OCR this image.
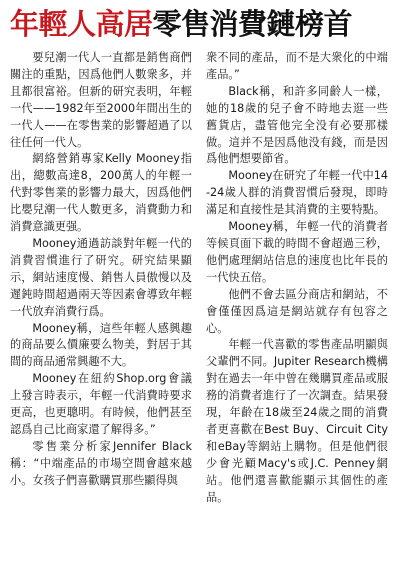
年輕人高居零售消費鏈榜首

要兒潮一代人一直都是銷售商們關注的重點，因爲他們人數衆多，并且都很富裕。但新的研究表明，年輕一代——1982年至2000年間出生的一代人——在零售業的影響超過了以往任何一代人。

網絡營銷專家Kelly Mooney指出，總數高達8，200萬人的年輕一代對零售業的影響力最大，因爲他們比嬰兒潮一代人數更多，消費動力和消費意識更强。

Mooney通過訪談對年輕一代的消費習慣進行了研究。研究結果顯示，網站速度慢、銷售人員傲慢以及遲鈍時間超過兩天等因素會導致年輕一代放弃消費行爲。

Mooney稱，這些年輕人感興趣的商品要么價廉要么物美，對居于其間的商品通常興趣不大。

Mooney在紐約Shop.org會議上發言時表示，年輕一代消費時要求更高，也更聰明。有時候，他們甚至認爲自己比商家還了解得多。”

零售業分析家Jennifer Black稱：“中端產品的市場空間會越來越小。女孩子們喜歡購買那些顯得與

衆不同的產品，而不是大衆化的中端產品。”

Black稱，和許多同齡人一樣，她的18歲的兒子會不時地去逛一些舊貨店，盡管他完全没有必要那樣做。這并不是因爲他没有錢，而是因爲他們想要節省。

Mooney在研究了年輕一代中14-24歲人群的消費習慣后發現，即時滿足和直接性是其消費的主要特點。

Mooney稱，年輕一代的消費者等候頁面下載的時間不會超過三秒，他們處理網站信息的速度也比年長的一代快五倍。

他們不會去區分商店和網站，不會僅僅因爲這是網站就存有包容之心。

年輕一代喜歡的零售產品明顯與父輩們不同。Jupiter Research機構對在過去一年中曾在幾購買產品或服務的消費者進行了一次調查。結果發現，年齡在18歲至24歲之間的消費者更喜歡在Best Buy、Circuit City和eBay等網站上購物。但是他們很少會光顧Macy's或J.C. Penney網站。他們還喜歡能顯示其個性的產品。
